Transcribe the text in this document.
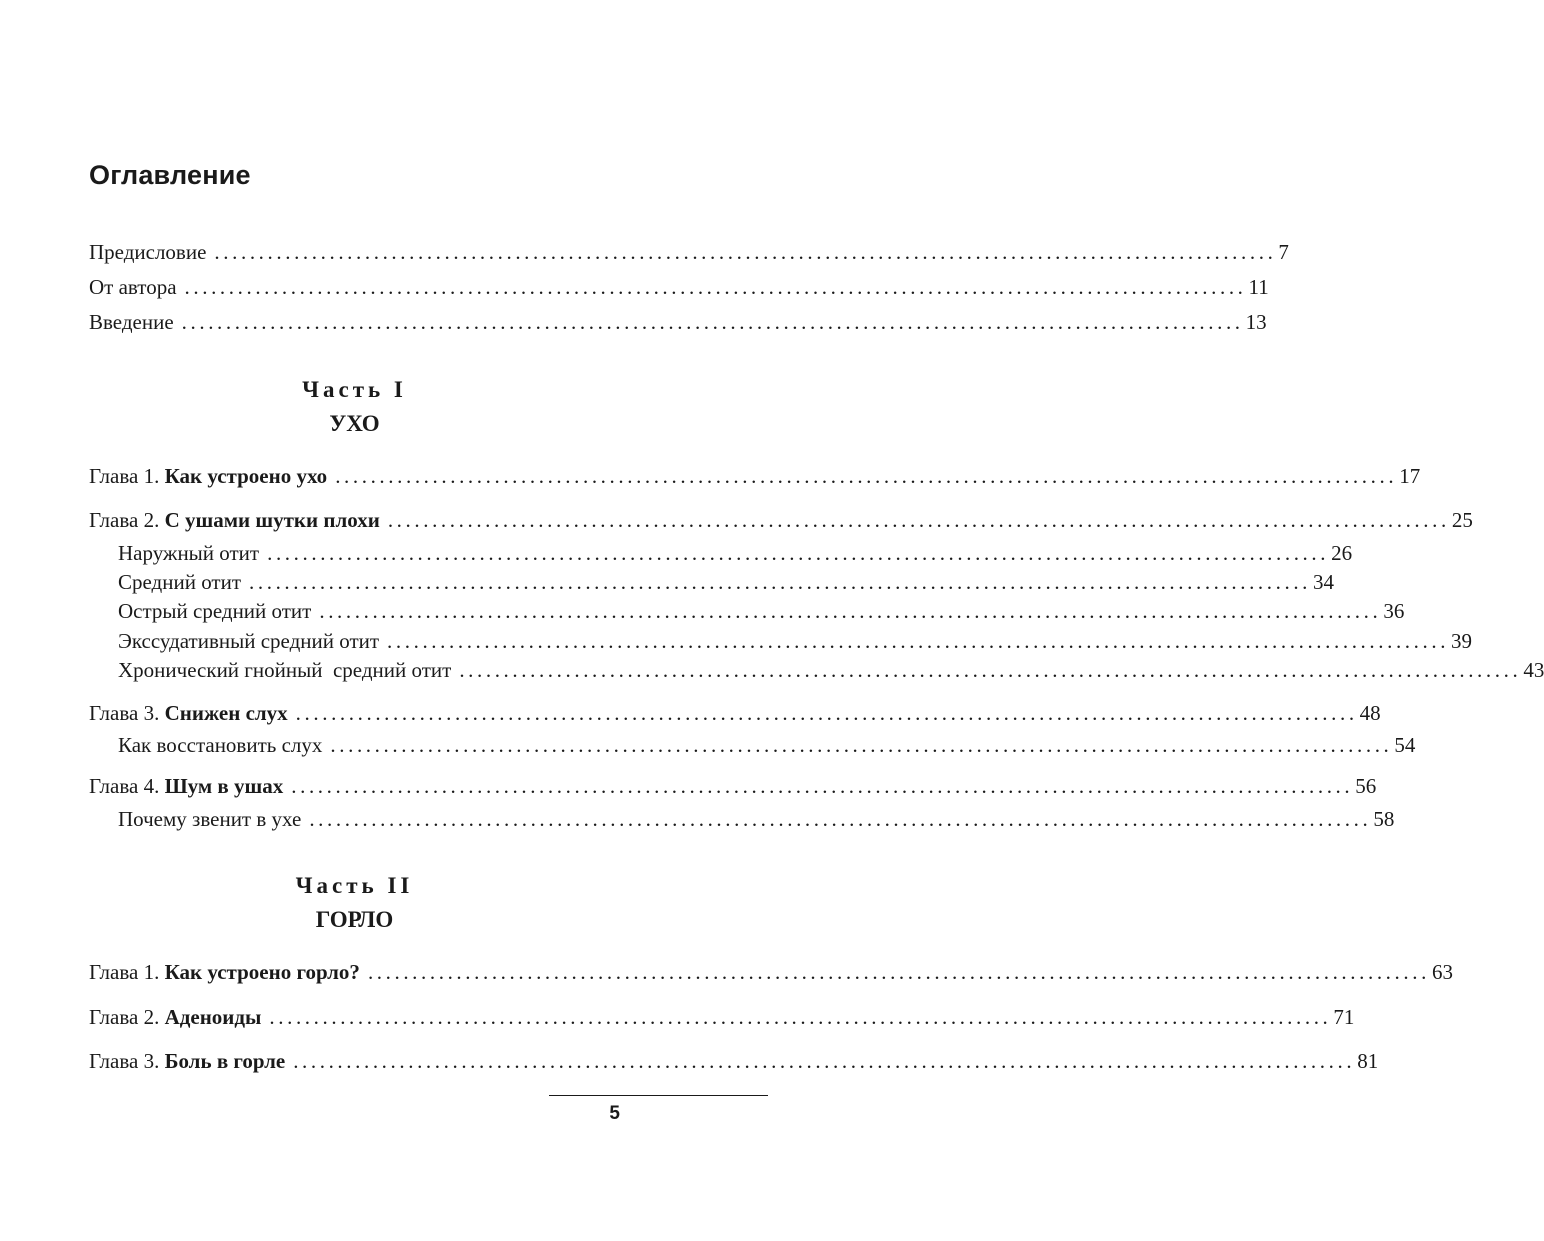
Оглавление
Предисловие ........................................................................................................................ 7
От автора ........................................................................................................................ 11
Введение ........................................................................................................................ 13
Часть I
УХО
Глава 1. Как устроено ухо ........................................................................................................................ 17
Глава 2. С ушами шутки плохи ........................................................................................................................ 25
Наружный отит ........................................................................................................................ 26
Средний отит ........................................................................................................................ 34
Острый средний отит ........................................................................................................................ 36
Экссудативный средний отит ........................................................................................................................ 39
Хронический гнойный  средний отит ........................................................................................................................ 43
Глава 3. Снижен слух ........................................................................................................................ 48
Как восстановить слух ........................................................................................................................ 54
Глава 4. Шум в ушах ........................................................................................................................ 56
Почему звенит в ухе ........................................................................................................................ 58
Часть II
ГОРЛО
Глава 1. Как устроено горло? ........................................................................................................................ 63
Глава 2. Аденоиды ........................................................................................................................ 71
Глава 3. Боль в горле ........................................................................................................................ 81
5
